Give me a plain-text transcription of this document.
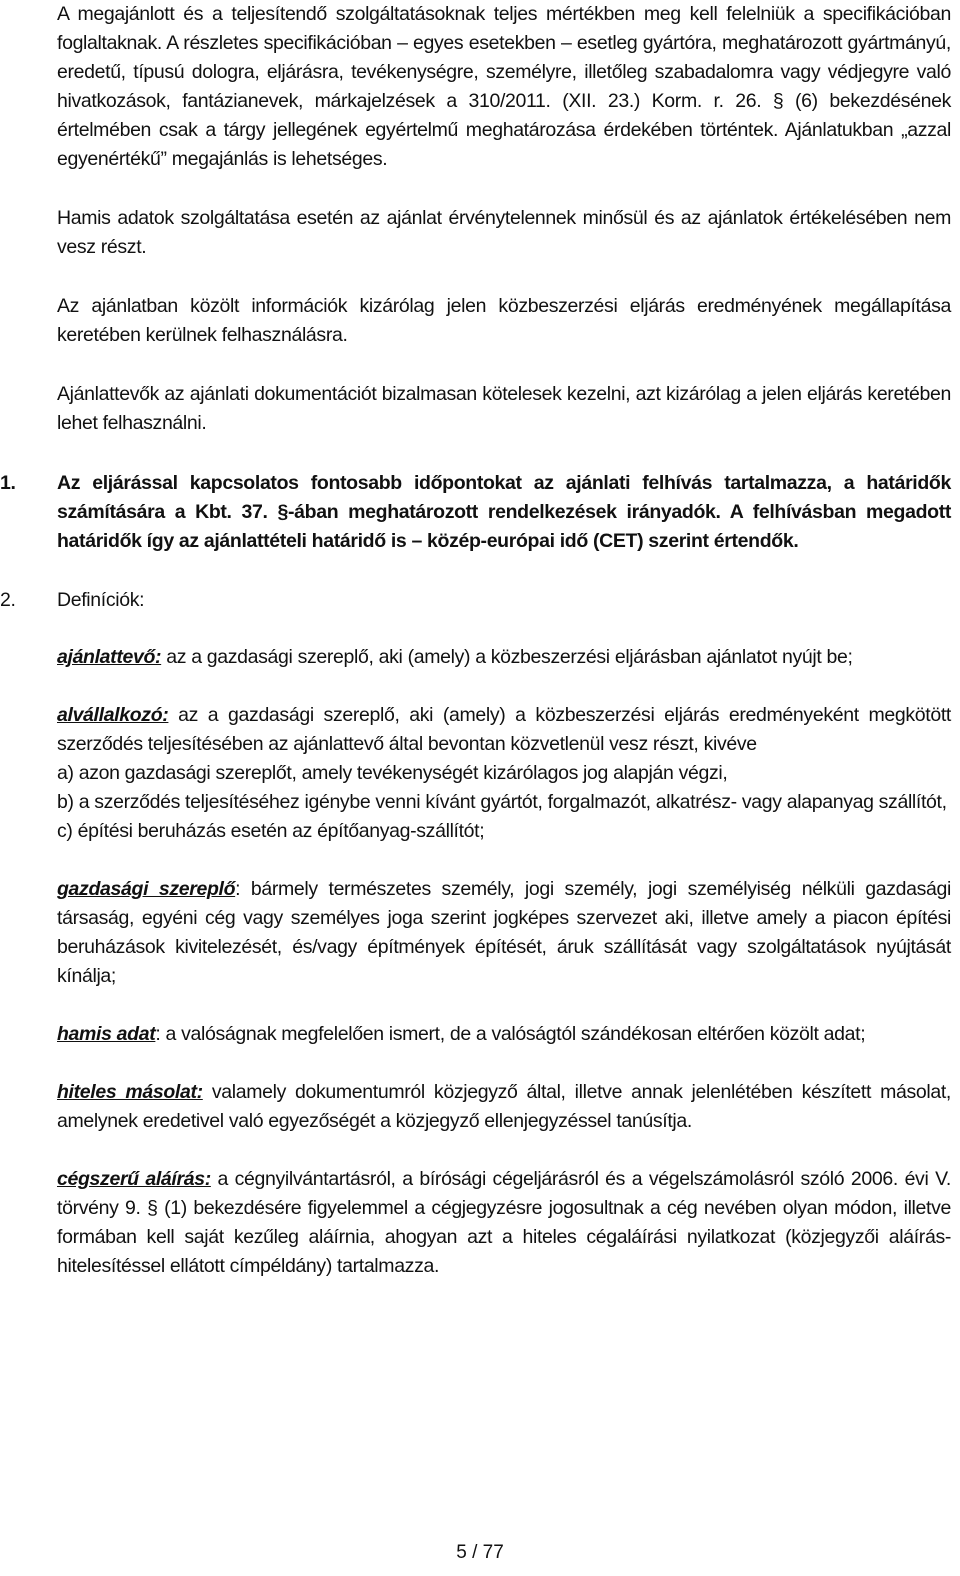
A megajánlott és a teljesítendő szolgáltatásoknak teljes mértékben meg kell felelniük a specifikációban foglaltaknak. A részletes specifikációban – egyes esetekben – esetleg gyártóra, meghatározott gyártmányú, eredetű, típusú dologra, eljárásra, tevékenységre, személyre, illetőleg szabadalomra vagy védjegyre való hivatkozások, fantázianevek, márkajelzések a 310/2011. (XII. 23.) Korm. r. 26. § (6) bekezdésének értelmében csak a tárgy jellegének egyértelmű meghatározása érdekében történtek. Ajánlatukban „azzal egyenértékű” megajánlás is lehetséges.

Hamis adatok szolgáltatása esetén az ajánlat érvénytelennek minősül és az ajánlatok értékelésében nem vesz részt.

Az ajánlatban közölt információk kizárólag jelen közbeszerzési eljárás eredményének megállapítása keretében kerülnek felhasználásra.

Ajánlattevők az ajánlati dokumentációt bizalmasan kötelesek kezelni, azt kizárólag a jelen eljárás keretében lehet felhasználni.

1.	Az eljárással kapcsolatos fontosabb időpontokat az ajánlati felhívás tartalmazza, a határidők számítására a Kbt. 37. §-ában meghatározott rendelkezések irányadók. A felhívásban megadott határidők így az ajánlattételi határidő is – közép-európai idő (CET) szerint értendők.

2.	Definíciók:

ajánlattevő: az a gazdasági szereplő, aki (amely) a közbeszerzési eljárásban ajánlatot nyújt be;

alvállalkozó: az a gazdasági szereplő, aki (amely) a közbeszerzési eljárás eredményeként megkötött szerződés teljesítésében az ajánlattevő által bevontan közvetlenül vesz részt, kivéve

a) azon gazdasági szereplőt, amely tevékenységét kizárólagos jog alapján végzi,

b) a szerződés teljesítéséhez igénybe venni kívánt gyártót, forgalmazót, alkatrész- vagy alapanyag szállítót,

c) építési beruházás esetén az építőanyag-szállítót;

gazdasági szereplő: bármely természetes személy, jogi személy, jogi személyiség nélküli gazdasági társaság, egyéni cég vagy személyes joga szerint jogképes szervezet aki, illetve amely a piacon építési beruházások kivitelezését, és/vagy építmények építését, áruk szállítását vagy szolgáltatások nyújtását kínálja;

hamis adat: a valóságnak megfelelően ismert, de a valóságtól szándékosan eltérően közölt adat;

hiteles másolat: valamely dokumentumról közjegyző által, illetve annak jelenlétében készített másolat, amelynek eredetivel való egyezőségét a közjegyző ellenjegyzéssel tanúsítja.

cégszerű aláírás: a cégnyilvántartásról, a bírósági cégeljárásról és a végelszámolásról szóló 2006. évi V. törvény 9. § (1) bekezdésére figyelemmel a cégjegyzésre jogosultnak a cég nevében olyan módon, illetve formában kell saját kezűleg aláírnia, ahogyan azt a hiteles cégaláírási nyilatkozat (közjegyzői aláírás-hitelesítéssel ellátott címpéldány) tartalmazza.

5 / 77
